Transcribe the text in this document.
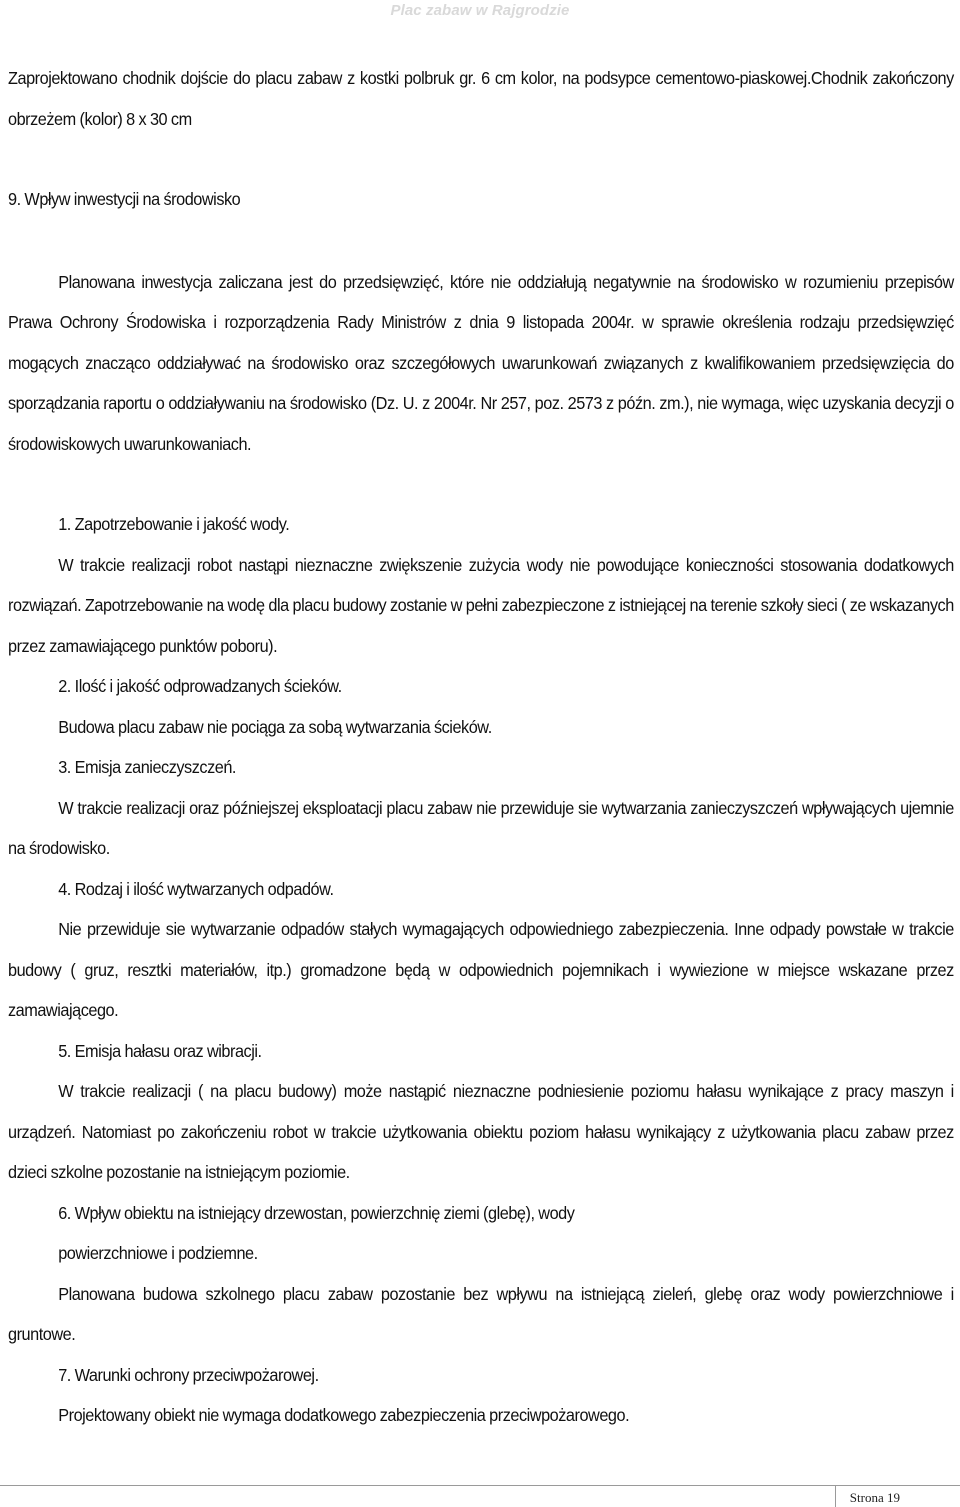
Plac zabaw w Rajgrodzie

Zaprojektowano chodnik dojście do placu zabaw z kostki polbruk gr. 6 cm kolor, na podsypce cementowo-piaskowej.Chodnik zakończony obrzeżem (kolor) 8 x 30 cm

9. Wpływ inwestycji na środowisko

Planowana inwestycja zaliczana jest do przedsięwzięć, które nie oddziałują negatywnie na środowisko w rozumieniu przepisów Prawa Ochrony Środowiska i rozporządzenia Rady Ministrów z dnia 9 listopada 2004r. w sprawie określenia rodzaju przedsięwzięć mogących znacząco oddziaływać na środowisko oraz szczegółowych uwarunkowań związanych z kwalifikowaniem przedsięwzięcia do sporządzania raportu o oddziaływaniu na środowisko (Dz. U. z 2004r. Nr 257, poz. 2573 z późn. zm.), nie wymaga, więc uzyskania decyzji o środowiskowych uwarunkowaniach.

1. Zapotrzebowanie i jakość wody.

W trakcie realizacji robot nastąpi nieznaczne zwiększenie zużycia wody nie powodujące konieczności stosowania dodatkowych rozwiązań. Zapotrzebowanie na wodę dla placu budowy zostanie w pełni zabezpieczone z istniejącej na terenie szkoły sieci ( ze wskazanych przez zamawiającego punktów poboru).

2. Ilość i jakość odprowadzanych ścieków.

Budowa placu zabaw nie pociąga za sobą wytwarzania ścieków.

3. Emisja zanieczyszczeń.

W trakcie realizacji oraz późniejszej eksploatacji placu zabaw nie przewiduje sie wytwarzania zanieczyszczeń wpływających ujemnie na środowisko.

4. Rodzaj i ilość wytwarzanych odpadów.

Nie przewiduje sie wytwarzanie odpadów stałych wymagających odpowiedniego zabezpieczenia. Inne odpady powstałe w trakcie budowy ( gruz, resztki materiałów, itp.) gromadzone będą w odpowiednich pojemnikach i wywiezione w miejsce wskazane przez zamawiającego.

5. Emisja hałasu oraz wibracji.

W trakcie realizacji ( na placu budowy) może nastąpić nieznaczne podniesienie poziomu hałasu wynikające z pracy maszyn i urządzeń. Natomiast po zakończeniu robot w trakcie użytkowania obiektu poziom hałasu wynikający z użytkowania placu zabaw przez dzieci szkolne pozostanie na istniejącym poziomie.

6. Wpływ obiektu na istniejący drzewostan, powierzchnię ziemi (glebę), wody

powierzchniowe i podziemne.

Planowana budowa szkolnego placu zabaw pozostanie bez wpływu na istniejącą zieleń, glebę oraz wody powierzchniowe i gruntowe.

7. Warunki ochrony przeciwpożarowej.

Projektowany obiekt nie wymaga dodatkowego zabezpieczenia przeciwpożarowego.

Strona 19
